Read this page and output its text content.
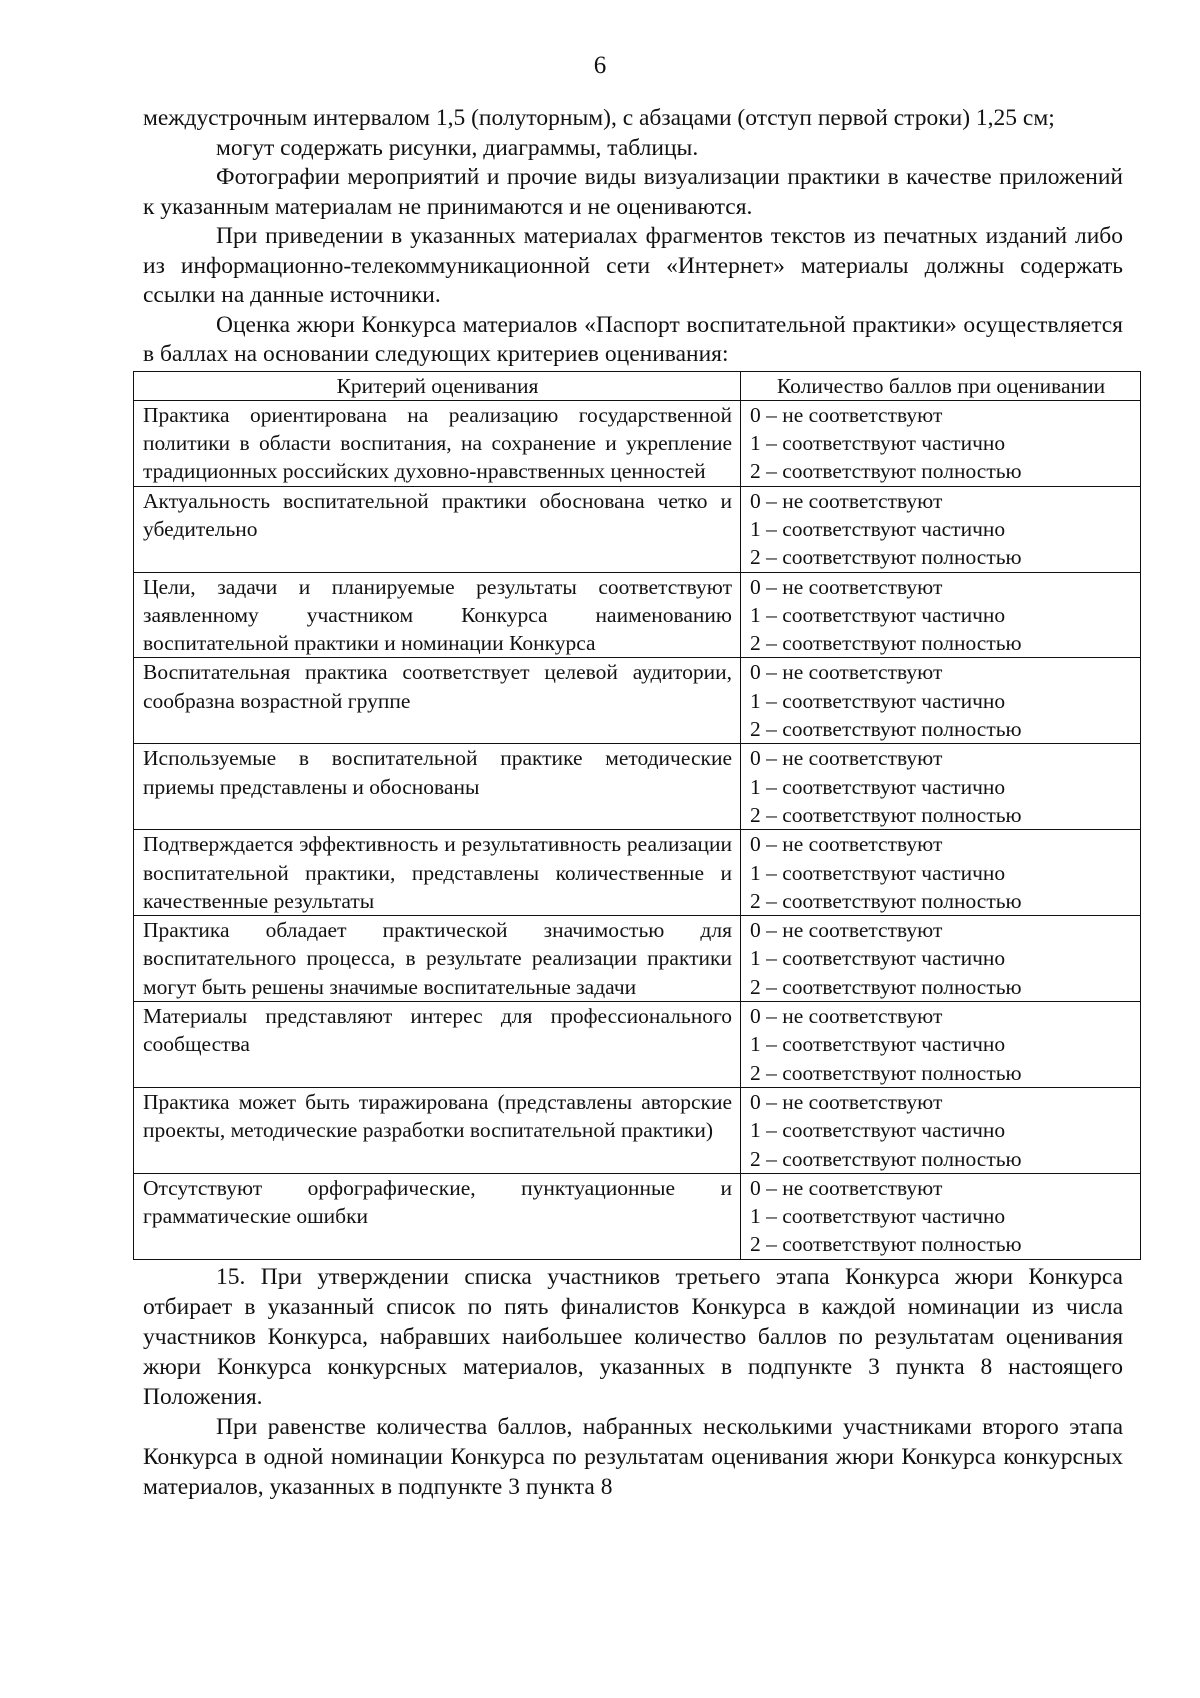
6

междустрочным интервалом 1,5 (полуторным), с абзацами (отступ первой строки) 1,25 см;

могут содержать рисунки, диаграммы, таблицы.

Фотографии мероприятий и прочие виды визуализации практики в качестве приложений к указанным материалам не принимаются и не оцениваются.

При приведении в указанных материалах фрагментов текстов из печатных изданий либо из информационно-телекоммуникационной сети «Интернет» материалы должны содержать ссылки на данные источники.

Оценка жюри Конкурса материалов «Паспорт воспитательной практики» осуществляется в баллах на основании следующих критериев оценивания:

Критерий оценивания	Количество баллов при оценивании
Практика ориентирована на реализацию государственной политики в области воспитания, на сохранение и укрепление традиционных российских духовно-нравственных ценностей	0 – не соответствуют
1 – соответствуют частично
2 – соответствуют полностью

Актуальность воспитательной практики обоснована четко и убедительно	0 – не соответствуют
1 – соответствуют частично
2 – соответствуют полностью

Цели, задачи и планируемые результаты соответствуют заявленному участником Конкурса наименованию воспитательной практики и номинации Конкурса	0 – не соответствуют
1 – соответствуют частично
2 – соответствуют полностью

Воспитательная практика соответствует целевой аудитории, сообразна возрастной группе	0 – не соответствуют
1 – соответствуют частично
2 – соответствуют полностью

Используемые в воспитательной практике методические приемы представлены и обоснованы	0 – не соответствуют
1 – соответствуют частично
2 – соответствуют полностью

Подтверждается эффективность и результативность реализации воспитательной практики, представлены количественные и качественные результаты	0 – не соответствуют
1 – соответствуют частично
2 – соответствуют полностью

Практика обладает практической значимостью для воспитательного процесса, в результате реализации практики могут быть решены значимые воспитательные задачи	0 – не соответствуют
1 – соответствуют частично
2 – соответствуют полностью

Материалы представляют интерес для профессионального сообщества	0 – не соответствуют
1 – соответствуют частично
2 – соответствуют полностью

Практика может быть тиражирована (представлены авторские проекты, методические разработки воспитательной практики)	0 – не соответствуют
1 – соответствуют частично
2 – соответствуют полностью

Отсутствуют орфографические, пунктуационные и грамматические ошибки	0 – не соответствуют
1 – соответствуют частично
2 – соответствуют полностью

15. При утверждении списка участников третьего этапа Конкурса жюри Конкурса отбирает в указанный список по пять финалистов Конкурса в каждой номинации из числа участников Конкурса, набравших наибольшее количество баллов по результатам оценивания жюри Конкурса конкурсных материалов, указанных в подпункте 3 пункта 8 настоящего Положения.

При равенстве количества баллов, набранных несколькими участниками второго этапа Конкурса в одной номинации Конкурса по результатам оценивания жюри Конкурса конкурсных материалов, указанных в подпункте 3 пункта 8
